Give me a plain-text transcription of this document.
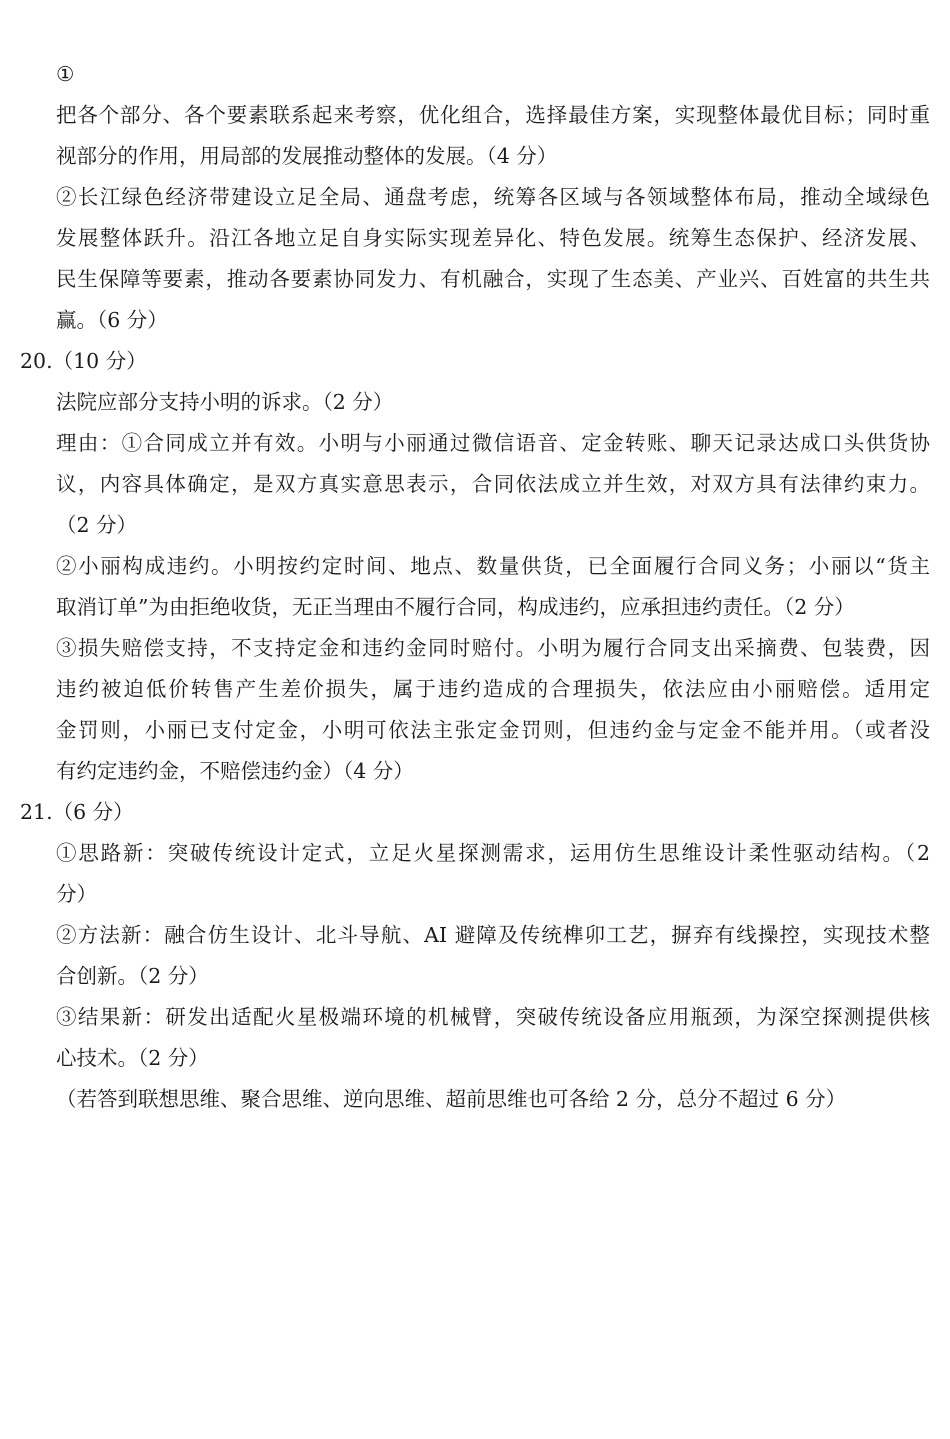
①
把各个部分、各个要素联系起来考察，优化组合，选择最佳方案，实现整体最优目标；同时重
视部分的作用，用局部的发展推动整体的发展。（4 分）
②长江绿色经济带建设立足全局、通盘考虑，统筹各区域与各领域整体布局，推动全域绿色
发展整体跃升。沿江各地立足自身实际实现差异化、特色发展。统筹生态保护、经济发展、
民生保障等要素，推动各要素协同发力、有机融合，实现了生态美、产业兴、百姓富的共生共
赢。（6 分）
20.（10 分）
法院应部分支持小明的诉求。（2 分）
理由：①合同成立并有效。小明与小丽通过微信语音、定金转账、聊天记录达成口头供货协
议，内容具体确定，是双方真实意思表示，合同依法成立并生效，对双方具有法律约束力。
（2 分）
②小丽构成违约。小明按约定时间、地点、数量供货，已全面履行合同义务；小丽以“货主
取消订单”为由拒绝收货，无正当理由不履行合同，构成违约，应承担违约责任。（2 分）
③损失赔偿支持，不支持定金和违约金同时赔付。小明为履行合同支出采摘费、包装费，因
违约被迫低价转售产生差价损失，属于违约造成的合理损失，依法应由小丽赔偿。适用定
金罚则，小丽已支付定金，小明可依法主张定金罚则，但违约金与定金不能并用。（或者没
有约定违约金，不赔偿违约金）（4 分）
21.（6 分）
①思路新：突破传统设计定式，立足火星探测需求，运用仿生思维设计柔性驱动结构。（2
分）
②方法新：融合仿生设计、北斗导航、AI 避障及传统榫卯工艺，摒弃有线操控，实现技术整
合创新。（2 分）
③结果新：研发出适配火星极端环境的机械臂，突破传统设备应用瓶颈，为深空探测提供核
心技术。（2 分）
（若答到联想思维、聚合思维、逆向思维、超前思维也可各给 2 分，总分不超过 6 分）
